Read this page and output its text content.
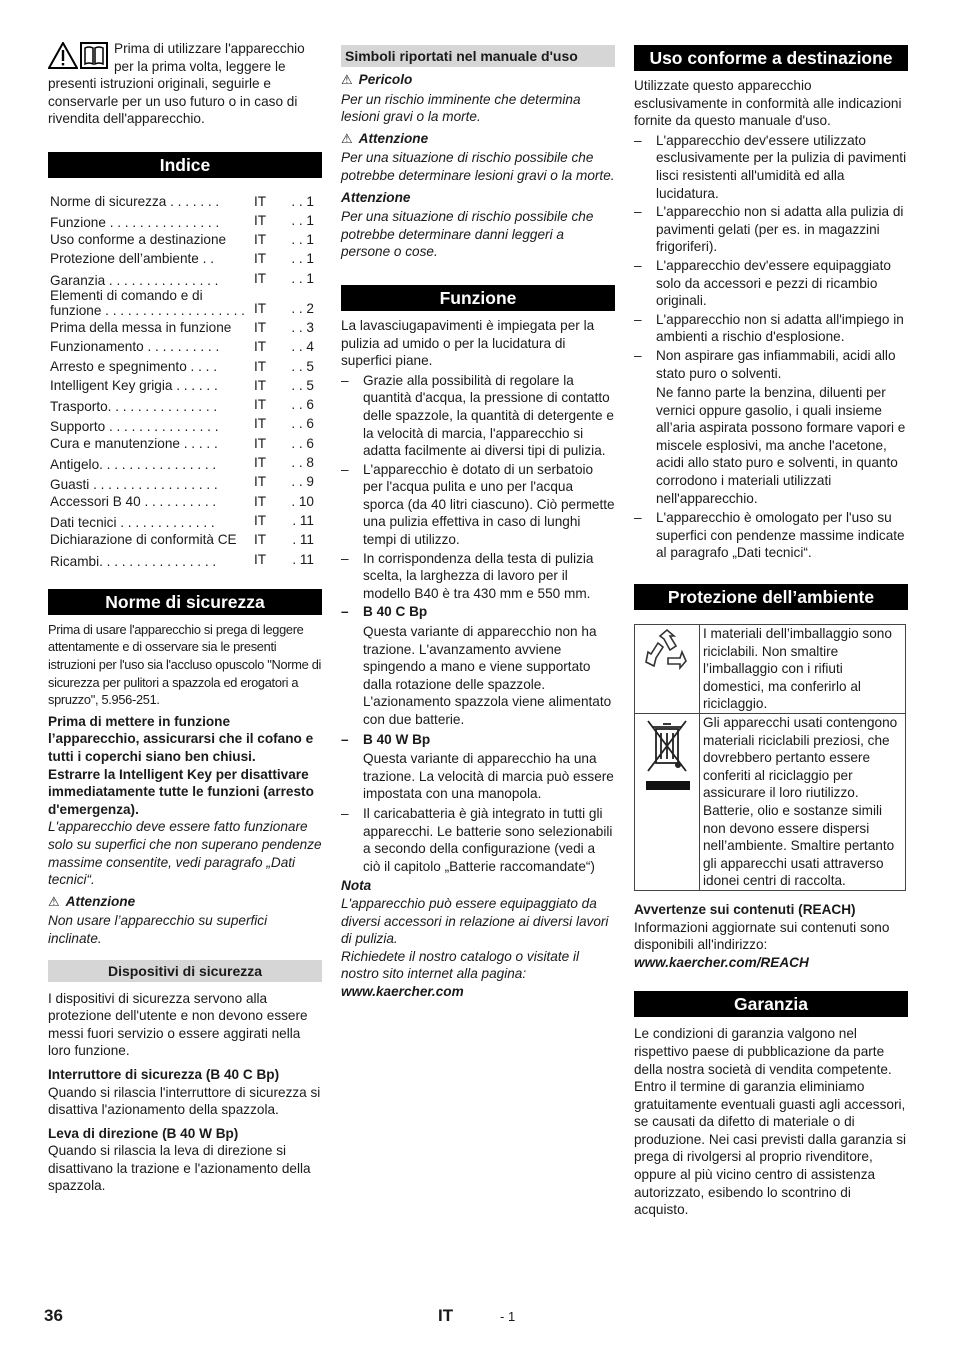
Prima di utilizzare l'apparecchio per la prima volta, leggere le presenti istruzioni originali, seguirle e conservarle per un uso futuro o in caso di rivendita dell'apparecchio.

Indice
Norme di sicurezza . . . . . . .	IT	. . 1
Funzione . . . . . . . . . . . . . . .	IT	. . 1
Uso conforme a destinazione	IT	. . 1
Protezione dell’ambiente . .	IT	. . 1
Garanzia . . . . . . . . . . . . . . .	IT	. . 1
Elementi di comando e di funzione . . . . . . . . . . . . . . . . . . . IT	. . 2
Prima della messa in funzione	IT	. . 3
Funzionamento . . . . . . . . . .	IT	. . 4
Arresto e spegnimento . . . .	IT	. . 5
Intelligent Key grigia . . . . . .	IT	. . 5
Trasporto. . . . . . . . . . . . . . .	IT	. . 6
Supporto . . . . . . . . . . . . . . .	IT	. . 6
Cura e manutenzione . . . . .	IT	. . 6
Antigelo. . . . . . . . . . . . . . . .	IT	. . 8
Guasti . . . . . . . . . . . . . . . . .	IT	. . 9
Accessori B 40 . . . . . . . . . .	IT	. 10
Dati tecnici . . . . . . . . . . . . .	IT	. 11
Dichiarazione di conformità CE	IT	. 11
Ricambi. . . . . . . . . . . . . . . .	IT	. 11
Norme di sicurezza

Prima di usare l'apparecchio si prega di leggere attentamente e di osservare sia le presenti istruzioni per l'uso sia l'accluso opuscolo "Norme di sicurezza per pulitori a spazzola ed erogatori a spruzzo", 5.956-251.

Prima di mettere in funzione l’apparecchio, assicurarsi che il cofano e tutti i coperchi siano ben chiusi.

Estrarre la Intelligent Key per disattivare immediatamente tutte le funzioni (arresto d'emergenza).

L'apparecchio deve essere fatto funzionare solo su superfici che non superano pendenze massime consentite, vedi paragrafo „Dati tecnici“.

⚠ Attenzione

Non usare l’apparecchio su superfici inclinate.

Dispositivi di sicurezza

I dispositivi di sicurezza servono alla protezione dell'utente e non devono essere messi fuori servizio o essere aggirati nella loro funzione.

Interruttore di sicurezza (B 40 C Bp)

Quando si rilascia l'interruttore di sicurezza si disattiva l'azionamento della spazzola.

Leva di direzione (B 40 W Bp)

Quando si rilascia la leva di direzione si disattivano la trazione e l'azionamento della spazzola.

Simboli riportati nel manuale d'uso
⚠ Pericolo

Per un rischio imminente che determina lesioni gravi o la morte.

⚠ Attenzione

Per una situazione di rischio possibile che potrebbe determinare lesioni gravi o la morte.

Attenzione

Per una situazione di rischio possibile che potrebbe determinare danni leggeri a persone o cose.

Funzione

La lavasciugapavimenti è impiegata per la pulizia ad umido o per la lucidatura di superfici piane.

– Grazie alla possibilità di regolare la quantità d'acqua, la pressione di contatto delle spazzole, la quantità di detergente e la velocità di marcia, l'apparecchio si adatta facilmente ai diversi tipi di pulizia.
– L'apparecchio è dotato di un serbatoio per l'acqua pulita e uno per l'acqua sporca (da 40 litri ciascuno). Ciò permette una pulizia effettiva in caso di lunghi tempi di utilizzo.
– In corrispondenza della testa di pulizia scelta, la larghezza di lavoro per il modello B40 è tra 430 mm e 550 mm.
– B 40 C Bp

Questa variante di apparecchio non ha trazione. L'avanzamento avviene spingendo a mano e viene supportato dalla rotazione delle spazzole. L'azionamento spazzola viene alimentato con due batterie.

– B 40 W Bp

Questa variante di apparecchio ha una trazione. La velocità di marcia può essere impostata con una manopola.

– Il caricabatteria è già integrato in tutti gli apparecchi. Le batterie sono selezionabili a secondo della configurazione (vedi a ciò il capitolo „Batterie raccomandate“)

Nota

L'apparecchio può essere equipaggiato da diversi accessori in relazione ai diversi lavori di pulizia.

Richiedete il nostro catalogo o visitate il nostro sito internet alla pagina:

www.kaercher.com

Uso conforme a destinazione

Utilizzate questo apparecchio esclusivamente in conformità alle indicazioni fornite da questo manuale d'uso.

– L'apparecchio dev'essere utilizzato esclusivamente per la pulizia di pavimenti lisci resistenti all'umidità ed alla lucidatura.
– L'apparecchio non si adatta alla pulizia di pavimenti gelati (per es. in magazzini frigoriferi).
– L'apparecchio dev'essere equipaggiato solo da accessori e pezzi di ricambio originali.
– L'apparecchio non si adatta all'impiego in ambienti a rischio d'esplosione.
– Non aspirare gas infiammabili, acidi allo stato puro o solventi.

Ne fanno parte la benzina, diluenti per vernici oppure gasolio, i quali insieme all’aria aspirata possono formare vapori e miscele esplosivi, ma anche l'acetone, acidi allo stato puro e solventi, in quanto corrodono i materiali utilizzati nell'apparecchio.

– L'apparecchio è omologato per l'uso su superfici con pendenze massime indicate al paragrafo „Dati tecnici“.
Protezione dell’ambiente
	I materiali dell’imballaggio sono riciclabili. Non smaltire l’imballaggio con i rifiuti domestici, ma conferirlo al riciclaggio.
	Gli apparecchi usati contengono materiali riciclabili preziosi, che dovrebbero pertanto essere conferiti al riciclaggio per assicurare il loro riutilizzo. Batterie, olio e sostanze simili non devono essere dispersi nell’ambiente. Smaltire pertanto gli apparecchi usati attraverso idonei centri di raccolta.

Avvertenze sui contenuti (REACH)

Informazioni aggiornate sui contenuti sono disponibili all'indirizzo:

www.kaercher.com/REACH

Garanzia

Le condizioni di garanzia valgono nel rispettivo paese di pubblicazione da parte della nostra società di vendita competente. Entro il termine di garanzia eliminiamo gratuitamente eventuali guasti agli accessori, se causati da difetto di materiale o di produzione. Nei casi previsti dalla garanzia si prega di rivolgersi al proprio rivenditore, oppure al più vicino centro di assistenza autorizzato, esibendo lo scontrino di acquisto.

36	IT	- 1
